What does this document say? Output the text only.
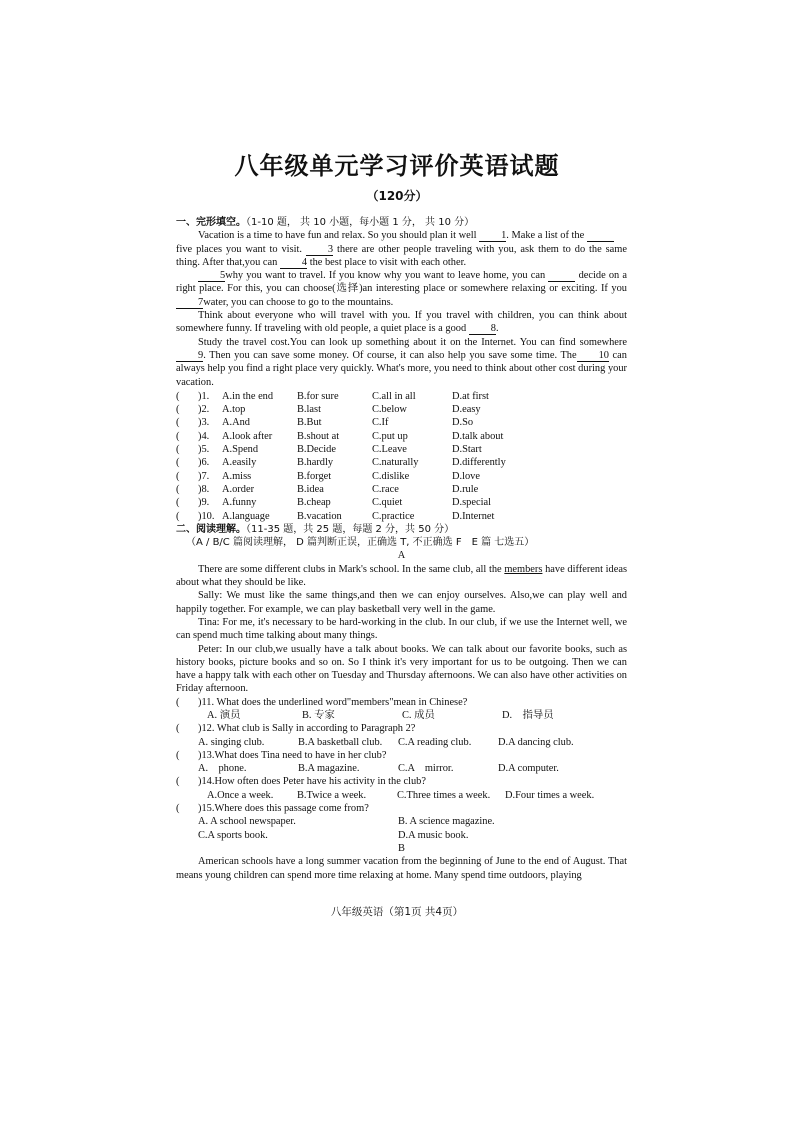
八年级单元学习评价英语试题
（120分）
一、完形填空。（1-10 题， 共 10 小题，每小题 1 分， 共 10 分）

Vacation is a time to have fun and relax. So you should plan it well 1. Make a list of the
five places you want to visit. 3 there are other people traveling with you, ask them to do the same thing. After that,you can 4 the best place to visit with each other.

5why you want to travel. If you know why you want to leave home, you can	decide on a right place. For this, you can choose(选择)an interesting place or somewhere relaxing or exciting. If you 7water, you can choose to go to the mountains.

Think about everyone who will travel with you. If you travel with children, you can think about somewhere funny. If traveling with old people, a quiet place is a good 8.

Study the travel cost.You can look up something about it on the Internet. You can find somewhere 9. Then you can save some money. Of course, it can also help you save some time. The 10 can always help you find a right place very quickly. What's more, you need to think about other cost during your vacation.

(	)1.	A.in the end	B.for sure	C.all in all	D.at first
(	)2.	A.top	B.last	C.below	D.easy
(	)3.	A.And	B.But	C.If	D.So
(	)4.	A.look after	B.shout at	C.put up	D.talk about
(	)5.	A.Spend	B.Decide	C.Leave	D.Start
(	)6.	A.easily	B.hardly	C.naturally	D.differently
(	)7.	A.miss	B.forget	C.dislike	D.love
(	)8.	A.order	B.idea	C.race	D.rule
(	)9.	A.funny	B.cheap	C.quiet	D.special
(	)10. A.language	B.vacation	C.practice	D.Internet
二、阅读理解。（11-35 题，共 25 题，每题 2 分，共 50 分）
（A / B/C 篇阅读理解， D 篇判断正误，正确选 T, 不正确选 F　E 篇 七选五）
A

There are some different clubs in Mark's school. In the same club, all the members have different ideas about what they should be like.

Sally: We must like the same things,and then we can enjoy ourselves. Also,we can play well and happily together. For example, we can play basketball very well in the game.

Tina: For me, it's necessary to be hard-working in the club. In our club, if we use the Internet well, we can spend much time talking about many things.

Peter: In our club,we usually have a talk about books. We can talk about our favorite books, such as history books, picture books and so on. So I think it's very important for us to be outgoing. Then we can have a happy talk with each other on Tuesday and Thursday afternoons. We can also have other activities on Friday afternoon.

(	)11. What does the underlined word"members"mean in Chinese?
A. 演员	B. 专家	C. 成员	D.　指导员
(	)12. What club is Sally in according to Paragraph 2?
A. singing club.	B.A basketball club.	C.A reading club.	D.A dancing club.
(	)13.What does Tina need to have in her club?
A.　phone.	B.A magazine.	C.A　mirror.	D.A computer.
(	)14.How often does Peter have his activity in the club?
A.Once a week.	B.Twice a week.	C.Three times a week.	D.Four times a week.
(	)15.Where does this passage come from?
A. A school newspaper.	B. A science magazine.
C.A sports book.	D.A music book.
B

American schools have a long summer vacation from the beginning of June to the end of August. That means young children can spend more time relaxing at home. Many spend time outdoors, playing

八年级英语（第1页 共4页）
